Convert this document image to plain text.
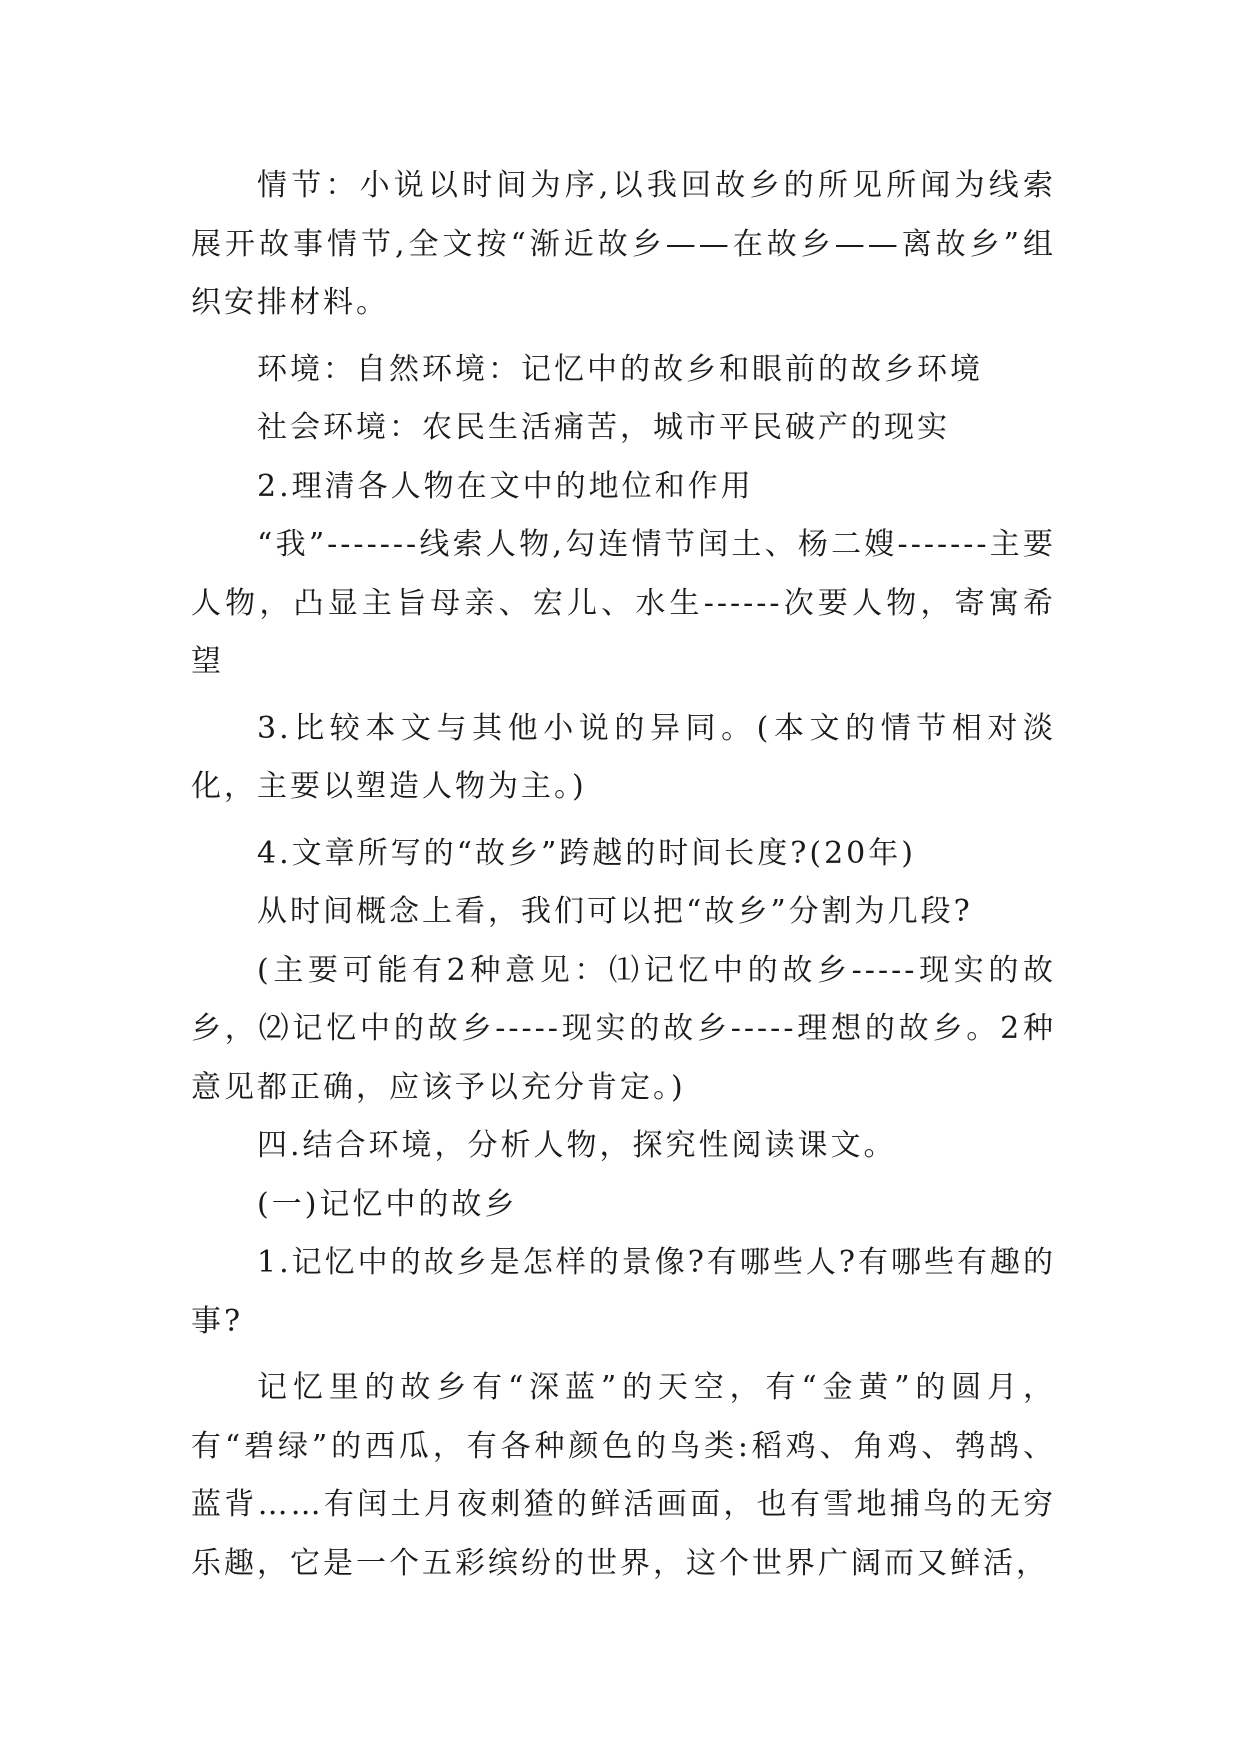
情节：小说以时间为序,以我回故乡的所见所闻为线索展开故事情节,全文按“渐近故乡——在故乡——离故乡”组织安排材料。

环境：自然环境：记忆中的故乡和眼前的故乡环境

社会环境：农民生活痛苦，城市平民破产的现实

2.理清各人物在文中的地位和作用

“我”-------线索人物,勾连情节闰土、杨二嫂-------主要人物，凸显主旨母亲、宏儿、水生------次要人物，寄寓希望

3.比较本文与其他小说的异同。(本文的情节相对淡化，主要以塑造人物为主。)

4.文章所写的“故乡”跨越的时间长度?(20年)

从时间概念上看，我们可以把“故乡”分割为几段?

(主要可能有2种意见：⑴记忆中的故乡-----现实的故乡，⑵记忆中的故乡-----现实的故乡-----理想的故乡。2种意见都正确，应该予以充分肯定。)

四.结合环境，分析人物，探究性阅读课文。

(一)记忆中的故乡

1.记忆中的故乡是怎样的景像?有哪些人?有哪些有趣的事?

记忆里的故乡有“深蓝”的天空，有“金黄”的圆月，有“碧绿”的西瓜，有各种颜色的鸟类:稻鸡、角鸡、鹁鸪、蓝背……有闰土月夜刺猹的鲜活画面，也有雪地捕鸟的无穷乐趣，它是一个五彩缤纷的世界，这个世界广阔而又鲜活，
